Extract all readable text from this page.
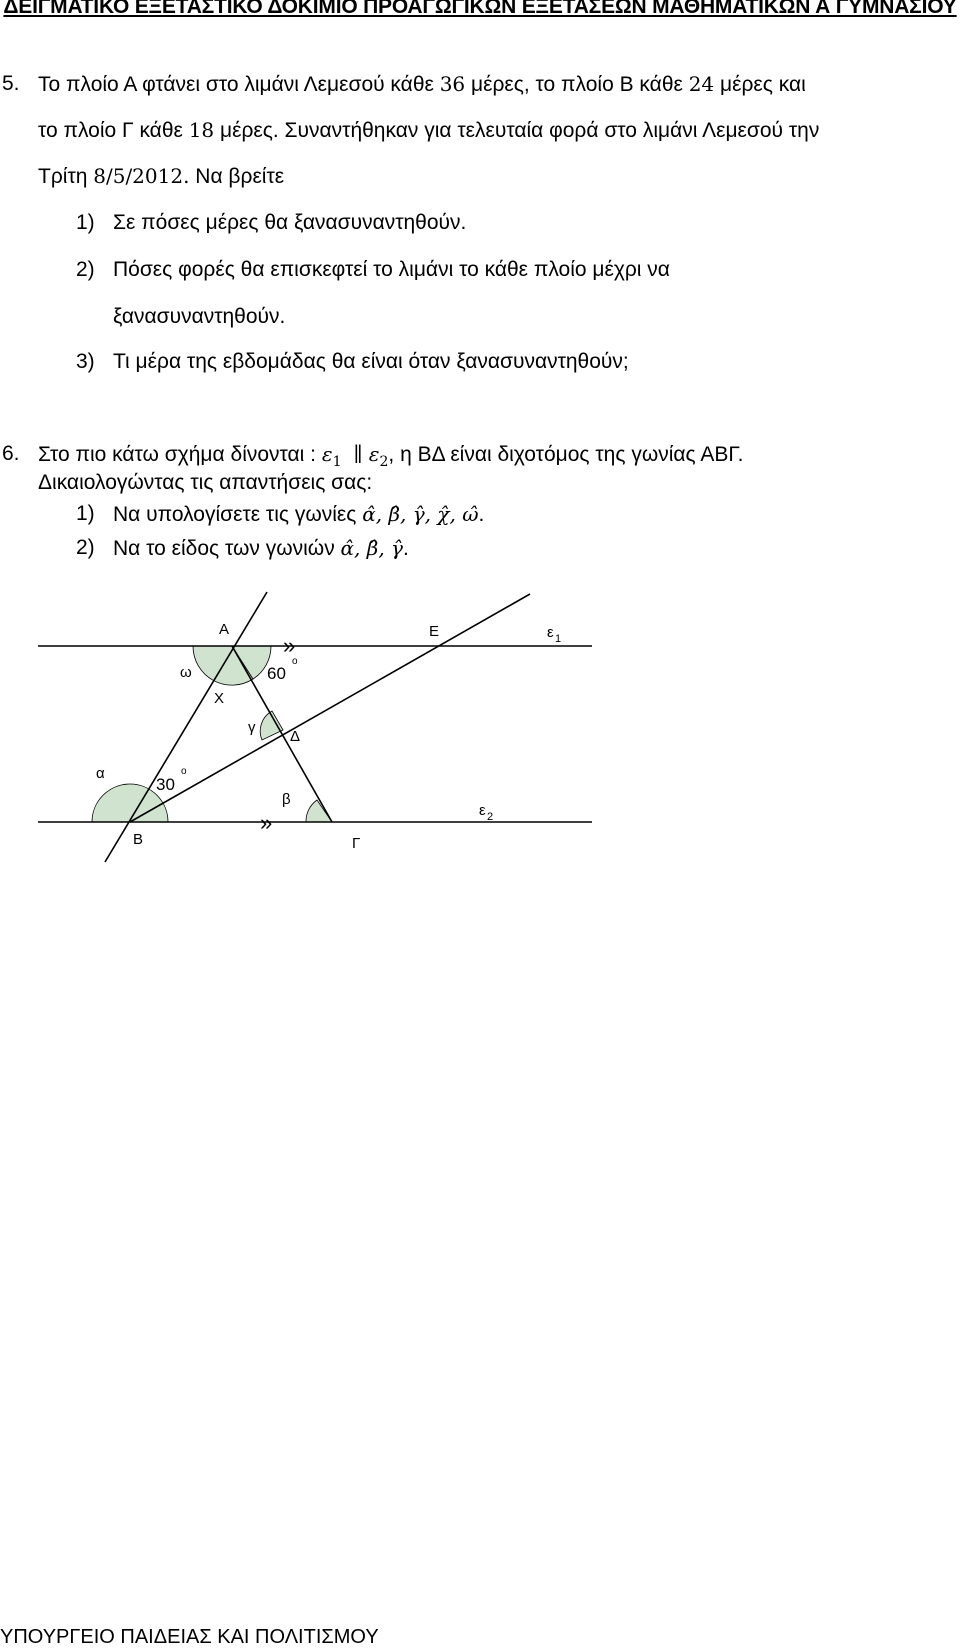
ΔΕΙΓΜΑΤΙΚΟ ΕΞΕΤΑΣΤΙΚΟ ΔΟΚΙΜΙΟ ΠΡΟΑΓΩΓΙΚΩΝ ΕΞΕΤΑΣΕΩΝ ΜΑΘΗΜΑΤΙΚΩΝ Α ΓΥΜΝΑΣΙΟΥ
5. Το πλοίο Α φτάνει στο λιμάνι Λεμεσού κάθε 36 μέρες, το πλοίο Β κάθε 24 μέρες και
το πλοίο Γ κάθε 18 μέρες. Συναντήθηκαν για τελευταία φορά στο λιμάνι Λεμεσού την
Τρίτη 8/5/2012. Να βρείτε
1) Σε πόσες μέρες θα ξανασυναντηθούν.
2) Πόσες φορές θα επισκεφτεί το λιμάνι το κάθε πλοίο μέχρι να
ξανασυναντηθούν.
3) Τι μέρα της εβδομάδας θα είναι όταν ξανασυναντηθούν;
6. Στο πιο κάτω σχήμα δίνονται : $\varepsilon_1$ ∥ $\varepsilon_2$, η ΒΔ είναι διχοτόμος της γωνίας ΑΒΓ.
Δικαιολογώντας τις απαντήσεις σας:
1) Να υπολογίσετε τις γωνίες α̂, β̂, γ̂, χ̂, ω̂.
2) Να το είδος των γωνιών α̂, β̂, γ̂.
»
»
Α	Ε
Δ
Β	Γ
ε 1
ε 2
ω
Χ
60
o
γ
α
30
o
β
ΥΠΟΥΡΓΕΙΟ ΠΑΙΔΕΙΑΣ ΚΑΙ ΠΟΛΙΤΙΣΜΟΥ
